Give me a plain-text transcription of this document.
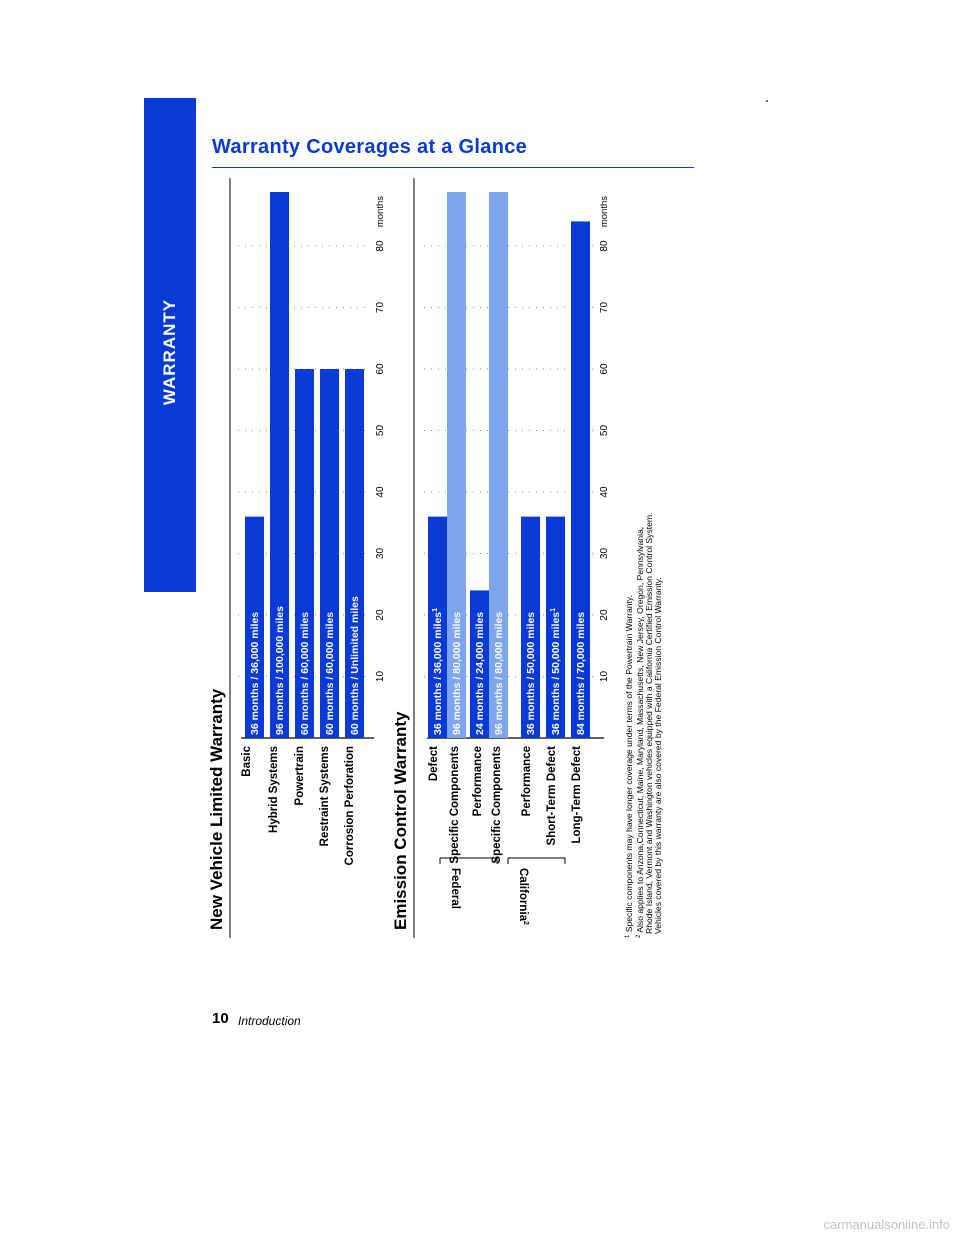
WARRANTY
Warranty Coverages at a Glance
New Vehicle Limited Warranty
36 months / 36,000 miles 96 months / 100,000 miles 60 months / 60,000 miles 60 months / 60,000 miles 60 months / Unlimited miles
Basic Hybrid Systems Powertrain Restraint Systems Corrosion Perforation
10
20
30
40
50
60
70
80
months
Emission Control Warranty
36 months / 36,000 miles$^1$
96 months / 80,000 miles 24 months / 24,000 miles 96 months / 80,000 miles 36 months / 50,000 miles 36 months / 50,000 miles$^1$
84 months / 70,000 miles
Defect Specific Components Performance Specific Components Performance Short-Term Defect Long-Term Defect
10
20
30
40
50
60
70
80
months
Federal	California$^2$
$^1$ Specific components may have longer coverage under terms of the Powertrain Warranty.
$^2$ Also applies to Arizona,Connecticut, Maine, Maryland, Massachusetts, New Jersey, Oregon, Pennsylvania, Rhode Island, Vermont and Washington vehicles equipped with a California Certified Emission Control System. Vehicles covered by this warranty are also covered by the Federal Emission Control Warranty.
10 Introduction
carmanualsonline.info
